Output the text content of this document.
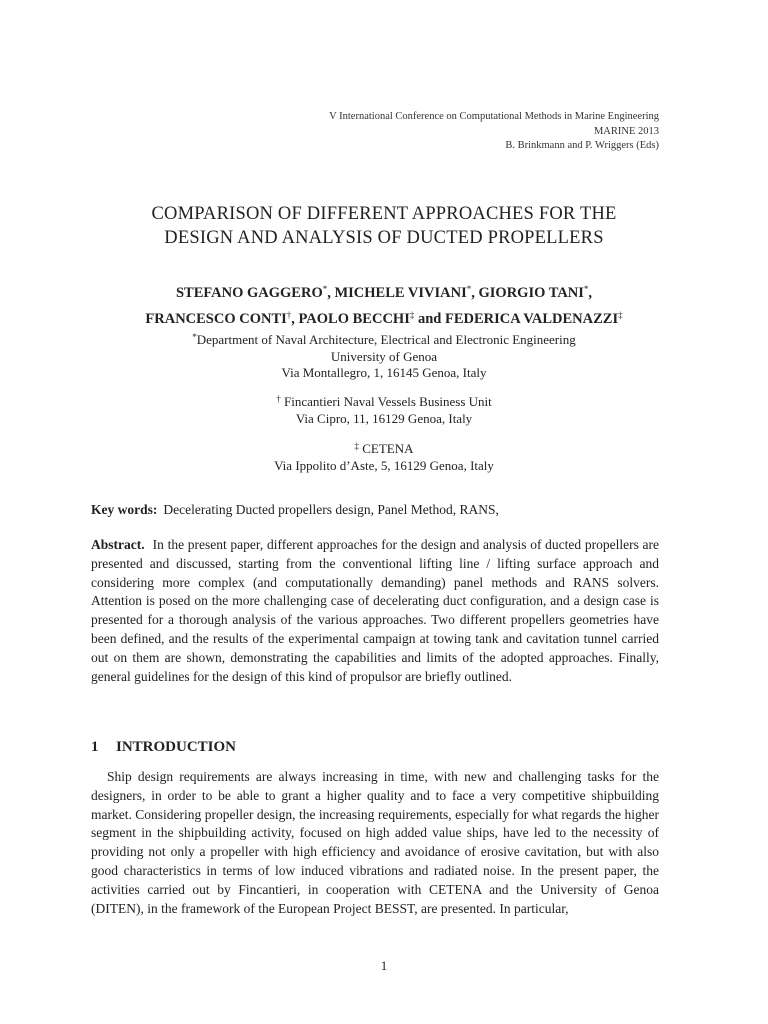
V International Conference on Computational Methods in Marine Engineering
MARINE 2013
B. Brinkmann and P. Wriggers (Eds)
COMPARISON OF DIFFERENT APPROACHES FOR THE
DESIGN AND ANALYSIS OF DUCTED PROPELLERS
STEFANO GAGGERO*, MICHELE VIVIANI*, GIORGIO TANI*,
FRANCESCO CONTI†, PAOLO BECCHI‡ and FEDERICA VALDENAZZI‡
*Department of Naval Architecture, Electrical and Electronic Engineering
University of Genoa
Via Montallegro, 1, 16145 Genoa, Italy
† Fincantieri Naval Vessels Business Unit
Via Cipro, 11, 16129 Genoa, Italy
‡ CETENA
Via Ippolito d’Aste, 5, 16129 Genoa, Italy
Key words: Decelerating Ducted propellers design, Panel Method, RANS,
Abstract. In the present paper, different approaches for the design and analysis of ducted propellers are presented and discussed, starting from the conventional lifting line / lifting surface approach and considering more complex (and computationally demanding) panel methods and RANS solvers. Attention is posed on the more challenging case of decelerating duct configuration, and a design case is presented for a thorough analysis of the various approaches. Two different propellers geometries have been defined, and the results of the experimental campaign at towing tank and cavitation tunnel carried out on them are shown, demonstrating the capabilities and limits of the adopted approaches. Finally, general guidelines for the design of this kind of propulsor are briefly outlined.
1 INTRODUCTION
Ship design requirements are always increasing in time, with new and challenging tasks for the designers, in order to be able to grant a higher quality and to face a very competitive shipbuilding market. Considering propeller design, the increasing requirements, especially for what regards the higher segment in the shipbuilding activity, focused on high added value ships, have led to the necessity of providing not only a propeller with high efficiency and avoidance of erosive cavitation, but with also good characteristics in terms of low induced vibrations and radiated noise. In the present paper, the activities carried out by Fincantieri, in cooperation with CETENA and the University of Genoa (DITEN), in the framework of the European Project BESST, are presented. In particular,
1
